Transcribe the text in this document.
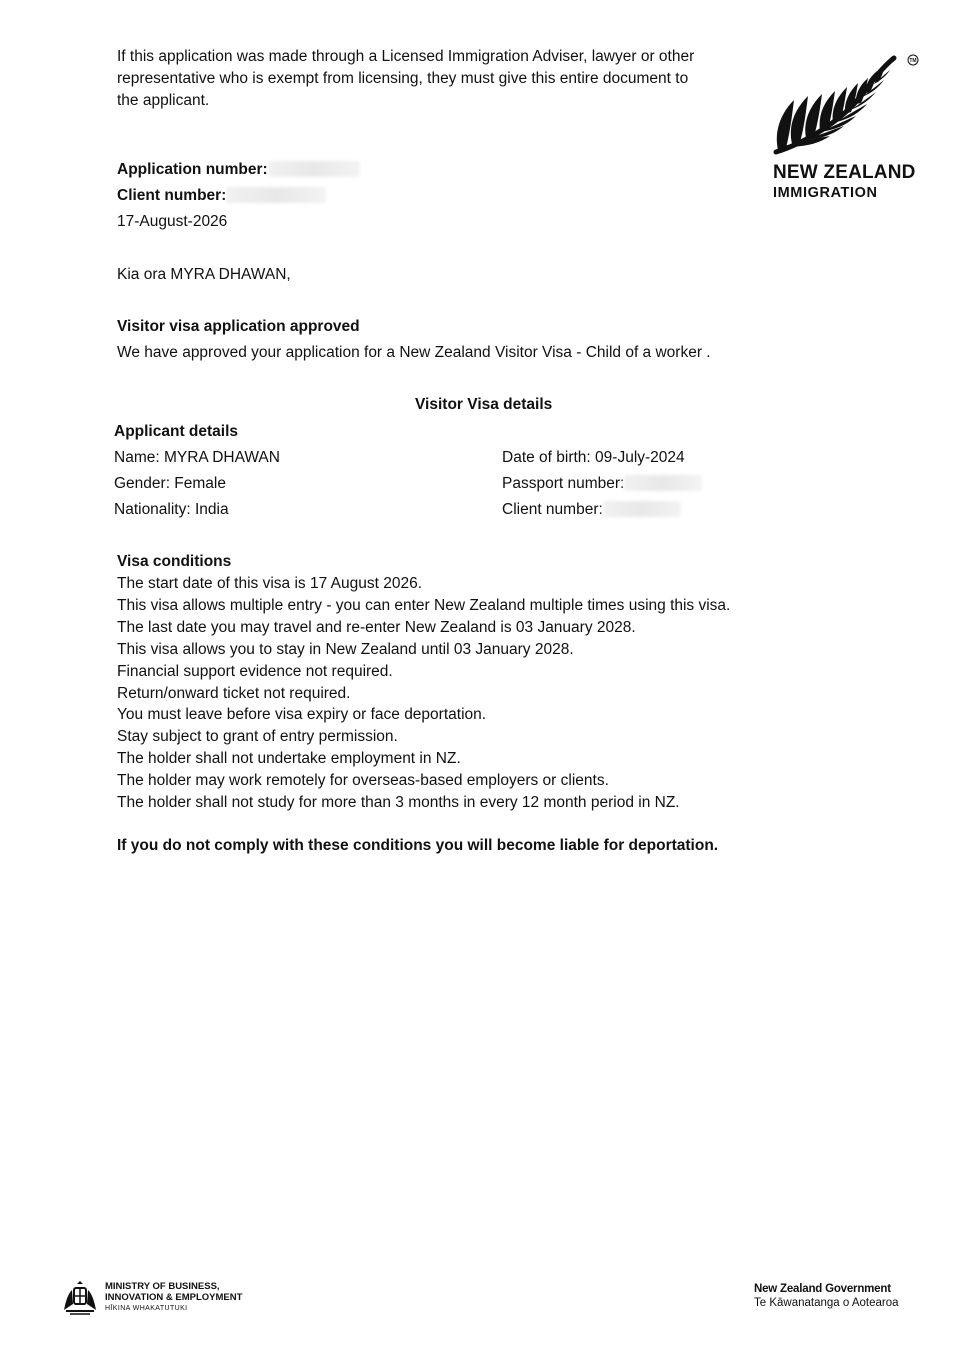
If this application was made through a Licensed Immigration Adviser, lawyer or other
representative who is exempt from licensing, they must give this entire document to
the applicant.
TM
NEW ZEALAND
IMMIGRATION
Application number:
Client number:
17-August-2026
Kia ora MYRA DHAWAN,
Visitor visa application approved
We have approved your application for a New Zealand Visitor Visa - Child of a worker .
Visitor Visa details
Applicant details
Name: MYRA DHAWAN
Gender: Female
Nationality: India
Date of birth: 09-July-2024
Passport number:
Client number:
Visa conditions
The start date of this visa is 17 August 2026.
This visa allows multiple entry - you can enter New Zealand multiple times using this visa.
The last date you may travel and re-enter New Zealand is 03 January 2028.
This visa allows you to stay in New Zealand until 03 January 2028.
Financial support evidence not required.
Return/onward ticket not required.
You must leave before visa expiry or face deportation.
Stay subject to grant of entry permission.
The holder shall not undertake employment in NZ.
The holder may work remotely for overseas-based employers or clients.
The holder shall not study for more than 3 months in every 12 month period in NZ.
If you do not comply with these conditions you will become liable for deportation.
MINISTRY OF BUSINESS,
INNOVATION & EMPLOYMENT
HĪKINA WHAKATUTUKI
New Zealand Government
Te Kāwanatanga o Aotearoa
